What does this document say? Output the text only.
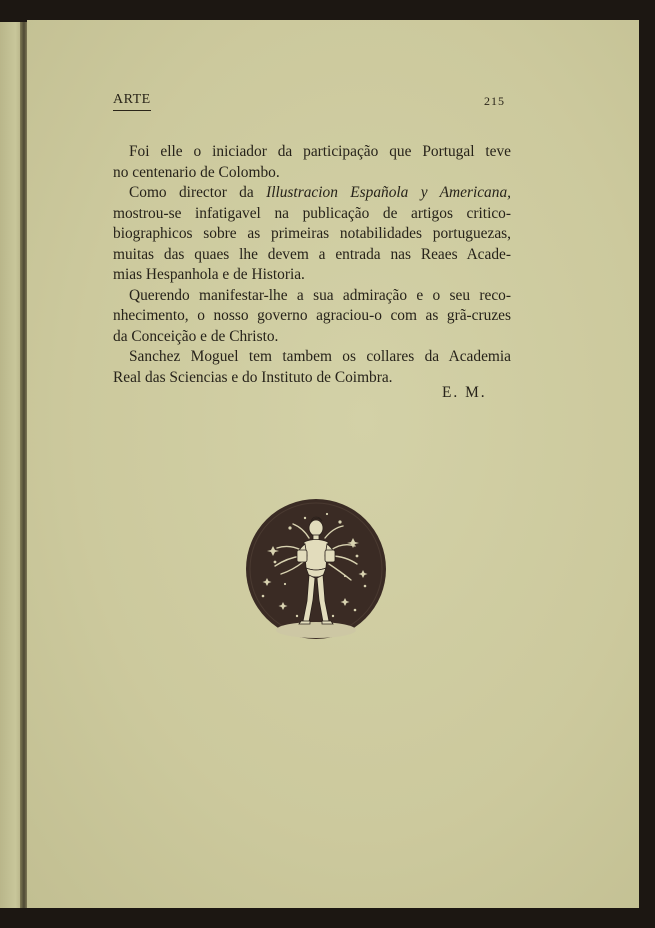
ARTE	215
Foi elle o iniciador da participação que Portugal teve
no centenario de Colombo.
Como director da Illustracion Española y Americana,
mostrou-se infatigavel na publicação de artigos critico-
biographicos sobre as primeiras notabilidades portuguezas,
muitas das quaes lhe devem a entrada nas Reaes Acade-
mias Hespanhola e de Historia.
Querendo manifestar-lhe a sua admiração e o seu reco-
nhecimento, o nosso governo agraciou-o com as grã-cruzes
da Conceição e de Christo.
Sanchez Moguel tem tambem os collares da Academia
Real das Sciencias e do Instituto de Coimbra.
E. M.
